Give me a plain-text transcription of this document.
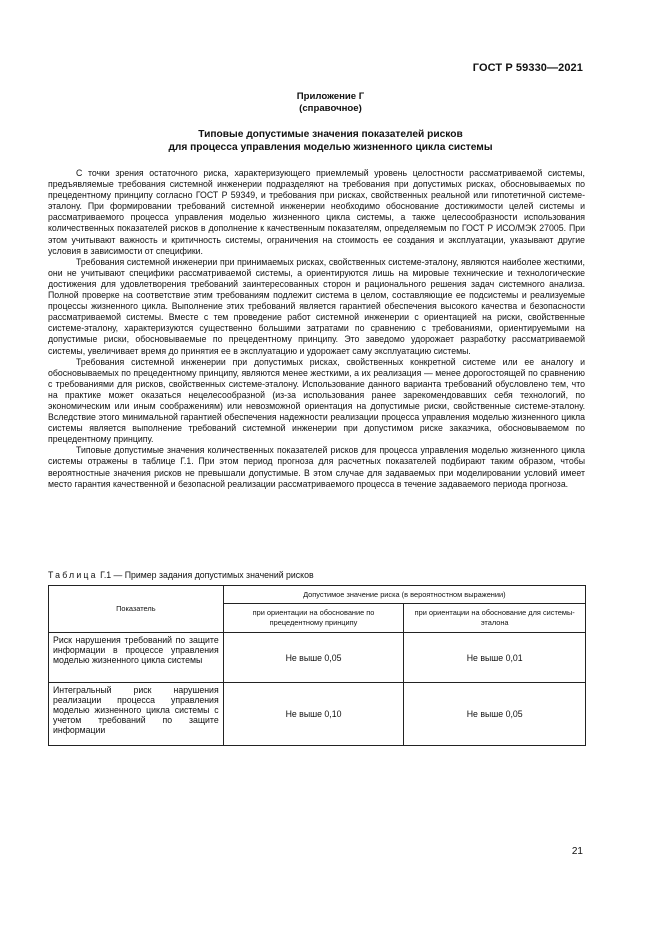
ГОСТ Р 59330—2021
Приложение Г
(справочное)
Типовые допустимые значения показателей рисков
для процесса управления моделью жизненного цикла системы

С точки зрения остаточного риска, характеризующего приемлемый уровень целостности рассматриваемой системы, предъявляемые требования системной инженерии подразделяют на требования при допустимых рисках, обосновываемых по прецедентному принципу согласно ГОСТ Р 59349, и требования при рисках, свойственных реальной или гипотетичной системе-эталону. При формировании требований системной инженерии необходимо обоснование достижимости целей системы и рассматриваемого процесса управления моделью жизненного цикла системы, а также целесообразности использования количественных показателей рисков в дополнение к качественным показателям, определяемым по ГОСТ Р ИСО/МЭК 27005. При этом учитывают важность и критичность системы, ограничения на стоимость ее создания и эксплуатации, указывают другие условия в зависимости от специфики.

Требования системной инженерии при принимаемых рисках, свойственных системе-эталону, являются наиболее жесткими, они не учитывают специфики рассматриваемой системы, а ориентируются лишь на мировые технические и технологические достижения для удовлетворения требований заинтересованных сторон и рационального решения задач системного анализа. Полной проверке на соответствие этим требованиям подлежит система в целом, составляющие ее подсистемы и реализуемые процессы жизненного цикла. Выполнение этих требований является гарантией обеспечения высокого качества и безопасности рассматриваемой системы. Вместе с тем проведение работ системной инженерии с ориентацией на риски, свойственные системе-эталону, характеризуются существенно большими затратами по сравнению с требованиями, ориентируемыми на допустимые риски, обосновываемые по прецедентному принципу. Это заведомо удорожает разработку рассматриваемой системы, увеличивает время до принятия ее в эксплуатацию и удорожает саму эксплуатацию системы.

Требования системной инженерии при допустимых рисках, свойственных конкретной системе или ее аналогу и обосновываемых по прецедентному принципу, являются менее жесткими, а их реализация — менее дорогостоящей по сравнению с требованиями для рисков, свойственных системе-эталону. Использование данного варианта требований обусловлено тем, что на практике может оказаться нецелесообразной (из-за использования ранее зарекомендовавших себя технологий, по экономическим или иным соображениям) или невозможной ориентация на допустимые риски, свойственные системе-эталону. Вследствие этого минимальной гарантией обеспечения надежности реализации процесса управления моделью жизненного цикла системы является выполнение требований системной инженерии при допустимом риске заказчика, обосновываемом по прецедентному принципу.

Типовые допустимые значения количественных показателей рисков для процесса управления моделью жизненного цикла системы отражены в таблице Г.1. При этом период прогноза для расчетных показателей подбирают таким образом, чтобы вероятностные значения рисков не превышали допустимые. В этом случае для задаваемых при моделировании условий имеет место гарантия качественной и безопасной реализации рассматриваемого процесса в течение задаваемого периода прогноза.

Таблица Г.1 — Пример задания допустимых значений рисков
Показатель	Допустимое значение риска (в вероятностном выражении)	
	при ориентации на обоснование по прецедентному принципу	при ориентации на обоснование для системы-эталона
Риск нарушения требований по защите информации в процессе управления моделью жизненного цикла системы	Не выше 0,05	Не выше 0,01
Интегральный риск нарушения реализации процесса управления моделью жизненного цикла системы с учетом требований по защите информации	Не выше 0,10	Не выше 0,05
21
